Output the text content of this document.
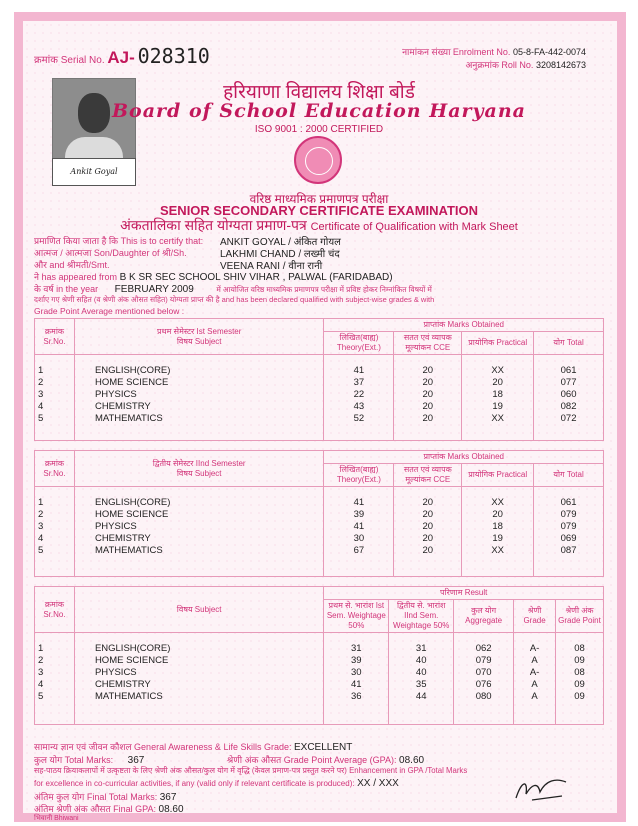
क्रमांक Serial No. AJ- 028310	नामांकन संख्या Enrolment No. 05-8-FA-442-0074
अनुक्रमांक Roll No. 3208142673
Ankit Goyal
हरियाणा विद्यालय शिक्षा बोर्ड
Board of School Education Haryana
ISO 9001 : 2000 CERTIFIED
वरिष्ठ माध्यमिक प्रमाणपत्र परीक्षा
SENIOR SECONDARY CERTIFICATE EXAMINATION
अंकतालिका सहित योग्यता प्रमाण-पत्र Certificate of Qualification with Mark Sheet
प्रमाणित किया जाता है कि This is to certify that: ANKIT GOYAL / अंकित गोयल
आत्मज / आत्मजा Son/Daughter of श्री/Sh.	LAKHMI CHAND / लख्मी चंद
और and श्रीमती/Smt.	VEENA RANI / वीना रानी
ने has appeared from B K SR SEC SCHOOL SHIV VIHAR , PALWAL (FARIDABAD)
के वर्ष in the year FEBRUARY 2009	में आयोजित वरिष्ठ माध्यमिक प्रमाणपत्र परीक्षा में प्रविष्ट होकर निम्नांकित विषयों में
दर्शाए गए श्रेणी सहित (व श्रेणी अंक औसत सहित) योग्यता प्राप्त की है and has been declared qualified with subject-wise grades & with
Grade Point Average mentioned below :
क्रमांक Sr.No.	प्रथम सेमेस्टर Ist Semester
विषय Subject	प्राप्तांक Marks Obtained			
		लिखित(बाह्य) Theory(Ext.)	सतत एवं व्यापक मूल्यांकन CCE	प्रायोगिक Practical	योग Total

1	ENGLISH(CORE)	41	20	XX	061
2	HOME SCIENCE	37	20	20	077
3	PHYSICS	22	20	18	060
4	CHEMISTRY	43	20	19	082
5	MATHEMATICS	52	20	XX	072

क्रमांक Sr.No.	द्वितीय सेमेस्टर IInd Semester
विषय Subject	प्राप्तांक Marks Obtained			
		लिखित(बाह्य) Theory(Ext.)	सतत एवं व्यापक मूल्यांकन CCE	प्रायोगिक Practical	योग Total

1	ENGLISH(CORE)	41	20	XX	061
2	HOME SCIENCE	39	20	20	079
3	PHYSICS	41	20	18	079
4	CHEMISTRY	30	20	19	069
5	MATHEMATICS	67	20	XX	087

क्रमांक Sr.No.	विषय Subject	परिणाम Result				
		प्रथम से. भारांश Ist Sem. Weightage 50%	द्वितीय से. भारांश IInd Sem. Weightage 50%	कुल योग Aggregate	श्रेणी Grade	श्रेणी अंक Grade Point

1	ENGLISH(CORE)	31	31	062	A-	08
2	HOME SCIENCE	39	40	079	A	09
3	PHYSICS	30	40	070	A-	08
4	CHEMISTRY	41	35	076	A	09
5	MATHEMATICS	36	44	080	A	09

सामान्य ज्ञान एवं जीवन कौशल General Awareness & Life Skills Grade: EXCELLENT
कुल योग Total Marks: 367	श्रेणी अंक औसत Grade Point Average (GPA): 08.60
सह-पाठय क्रियाकलापों में उत्कृष्टता के लिए श्रेणी अंक औसत/कुल योग में वृद्धि (केवल प्रमाण-पत्र प्रस्तुत करने पर) Enhancement in GPA /Total Marks
for excellence in co-curricular activities, if any (valid only if relevant certificate is produced): XX / XXX
अंतिम कुल योग Final Total Marks: 367
अंतिम श्रेणी अंक औसत Final GPA: 08.60
भिवानी Bhiwani
